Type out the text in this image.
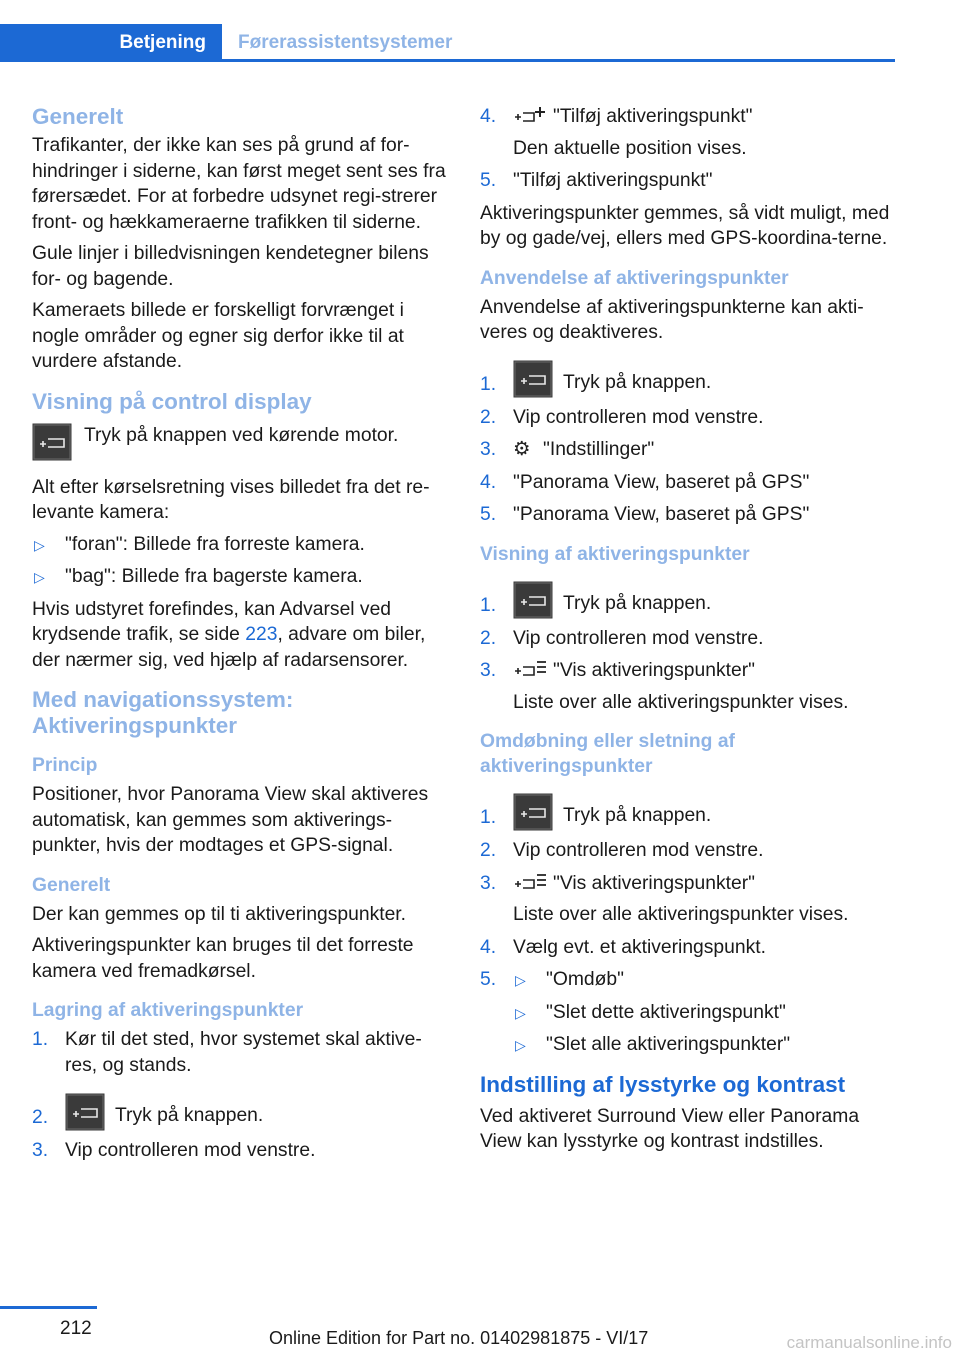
Betjening	Førerassistentsystemer
Generelt

Trafikanter, der ikke kan ses på grund af for-hindringer i siderne, kan først meget sent ses fra førersædet. For at forbedre udsynet regi-strerer front- og hækkameraerne trafikken til siderne.

Gule linjer i billedvisningen kendetegner bilens for- og bagende.

Kameraets billede er forskelligt forvrænget i nogle områder og egner sig derfor ikke til at vurdere afstande.

Visning på control display
Tryk på knappen ved kørende motor.

Alt efter kørselsretning vises billedet fra det re-levante kamera:

▷ "foran": Billede fra forreste kamera.
▷ "bag": Billede fra bagerste kamera.

Hvis udstyret forefindes, kan Advarsel ved krydsende trafik, se side 223, advare om biler, der nærmer sig, ved hjælp af radarsensorer.

Med navigationssystem: Aktiveringspunkter
Princip

Positioner, hvor Panorama View skal aktiveres automatisk, kan gemmes som aktiverings-punkter, hvis der modtages et GPS-signal.

Generelt

Der kan gemmes op til ti aktiveringspunkter.

Aktiveringspunkter kan bruges til det forreste kamera ved fremadkørsel.

Lagring af aktiveringspunkter
1. Kør til det sted, hvor systemet skal aktive-res, og stands.
2.	Tryk på knappen.
3. Vip controlleren mod venstre.
4.	"Tilføj aktiveringspunkt"
Den aktuelle position vises.
5. "Tilføj aktiveringspunkt"

Aktiveringspunkter gemmes, så vidt muligt, med by og gade/vej, ellers med GPS-koordina-terne.

Anvendelse af aktiveringspunkter

Anvendelse af aktiveringspunkterne kan akti-veres og deaktiveres.

1.	Tryk på knappen.
2. Vip controlleren mod venstre.
3. ⚙ "Indstillinger"
4. "Panorama View, baseret på GPS"
5. "Panorama View, baseret på GPS"
Visning af aktiveringspunkter
1.	Tryk på knappen.
2. Vip controlleren mod venstre.
3.	"Vis aktiveringspunkter"
Liste over alle aktiveringspunkter vises.
Omdøbning eller sletning af aktiveringspunkter
1.	Tryk på knappen.
2. Vip controlleren mod venstre.
3.	"Vis aktiveringspunkter"
Liste over alle aktiveringspunkter vises.
4. Vælg evt. et aktiveringspunkt.
5. ▷ "Omdøb"
▷ "Slet dette aktiveringspunkt"
▷ "Slet alle aktiveringspunkter"
Indstilling af lysstyrke og kontrast

Ved aktiveret Surround View eller Panorama View kan lysstyrke og kontrast indstilles.

212	Online Edition for Part no. 01402981875 - VI/17	carmanualsonline.info
